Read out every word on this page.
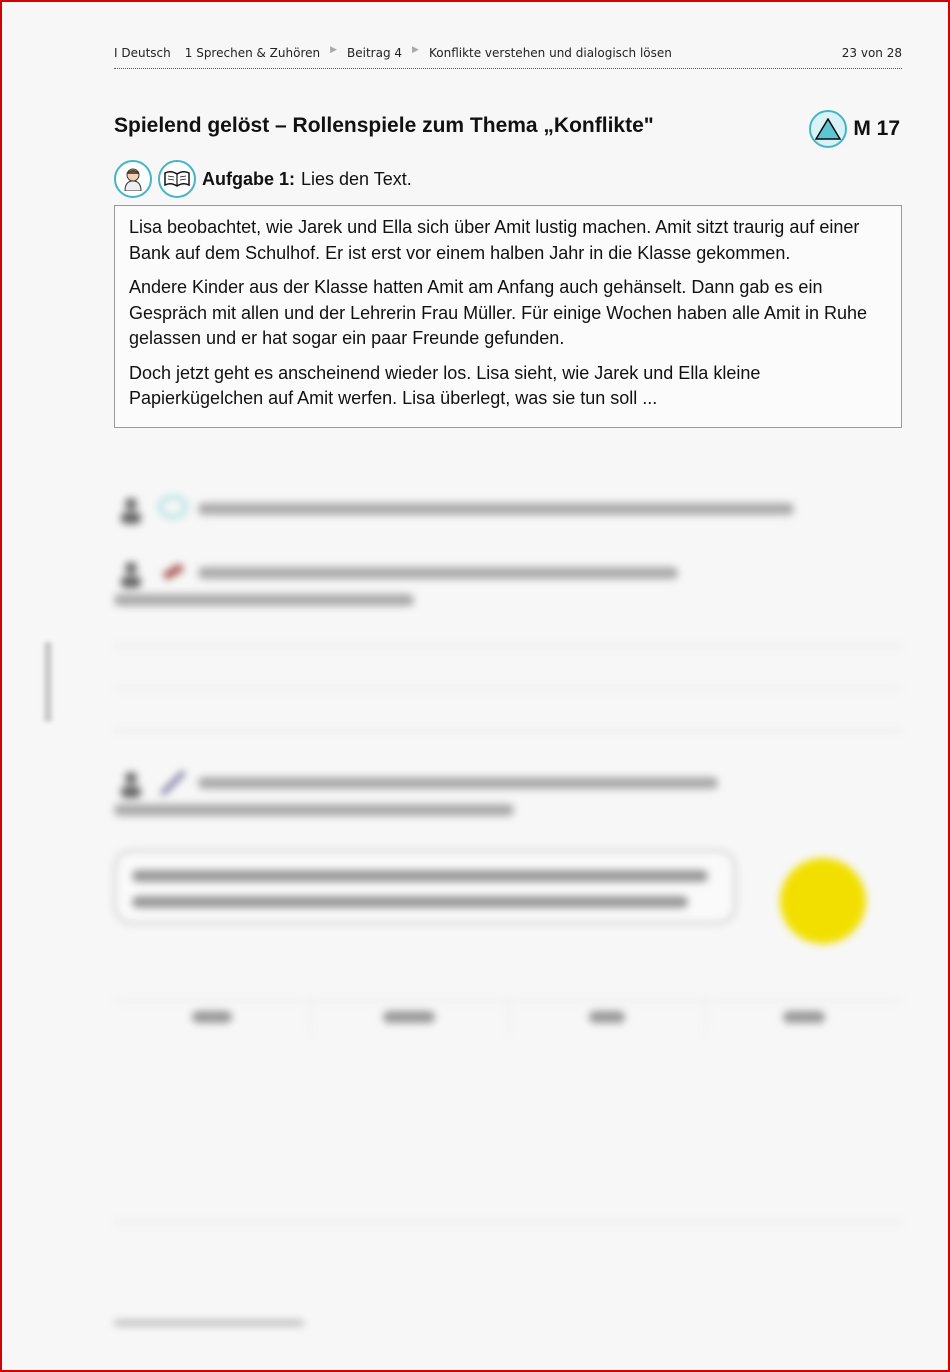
I Deutsch 1 Sprechen & Zuhören ▶ Beitrag 4 ▶ Konflikte verstehen und dialogisch lösen	23 von 28
Spielend gelöst – Rollenspiele zum Thema „Konflikte"	M 17
Aufgabe 1: Lies den Text.

Lisa beobachtet, wie Jarek und Ella sich über Amit lustig machen. Amit sitzt traurig auf einer Bank auf dem Schulhof. Er ist erst vor einem halben Jahr in die Klasse gekommen.

Andere Kinder aus der Klasse hatten Amit am Anfang auch gehänselt. Dann gab es ein Gespräch mit allen und der Lehrerin Frau Müller. Für einige Wochen haben alle Amit in Ruhe gelassen und er hat sogar ein paar Freunde gefunden.

Doch jetzt geht es anscheinend wieder los. Lisa sieht, wie Jarek und Ella kleine Papierkügelchen auf Amit werfen. Lisa überlegt, was sie tun soll ...
